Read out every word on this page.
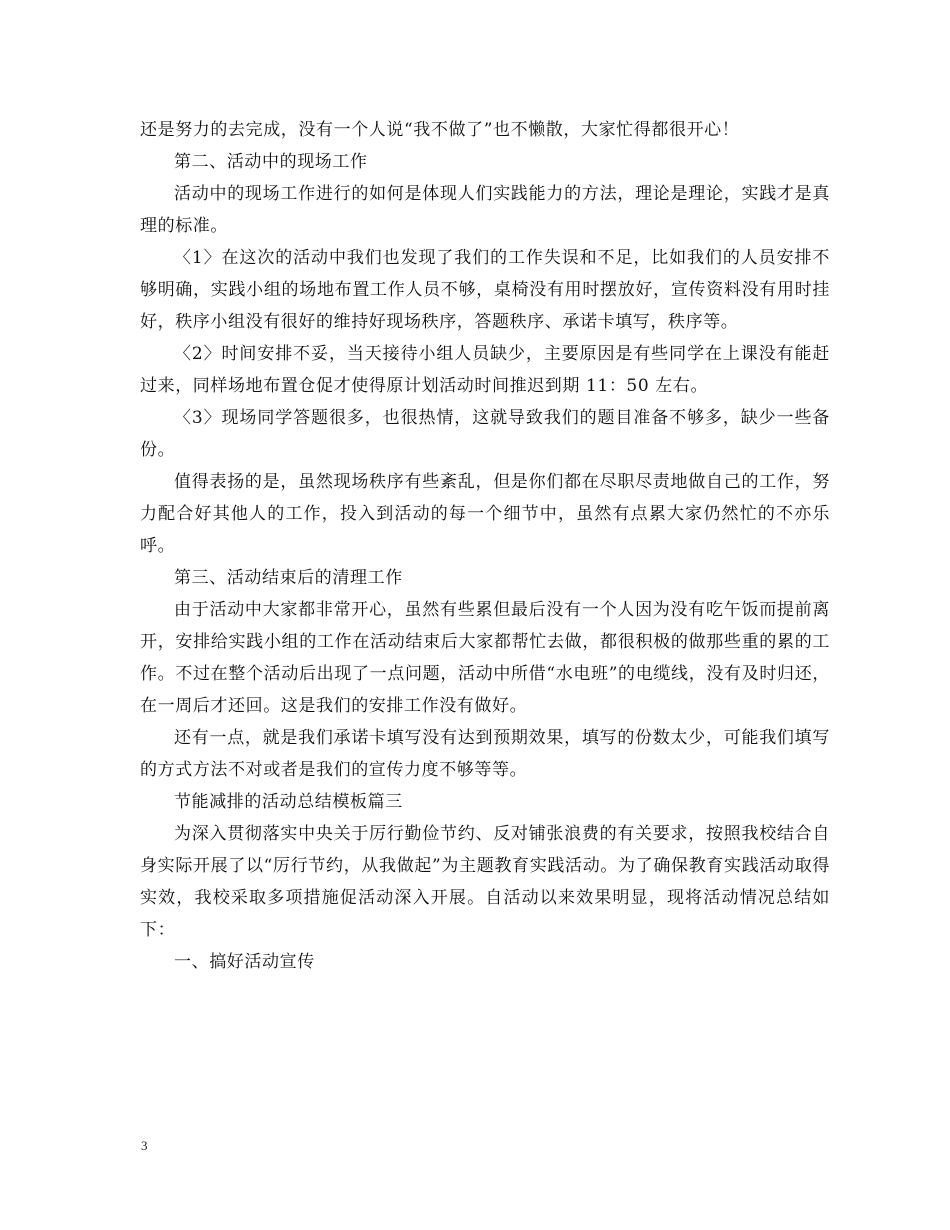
还是努力的去完成，没有一个人说“我不做了”也不懒散，大家忙得都很开心！

第二、活动中的现场工作

活动中的现场工作进行的如何是体现人们实践能力的方法，理论是理论，实践才是真理的标准。

〈1〉在这次的活动中我们也发现了我们的工作失误和不足，比如我们的人员安排不够明确，实践小组的场地布置工作人员不够，桌椅没有用时摆放好，宣传资料没有用时挂好，秩序小组没有很好的维持好现场秩序，答题秩序、承诺卡填写，秩序等。

〈2〉时间安排不妥，当天接待小组人员缺少，主要原因是有些同学在上课没有能赶过来，同样场地布置仓促才使得原计划活动时间推迟到期 11：50 左右。

〈3〉现场同学答题很多，也很热情，这就导致我们的题目准备不够多，缺少一些备份。

值得表扬的是，虽然现场秩序有些紊乱，但是你们都在尽职尽责地做自己的工作，努力配合好其他人的工作，投入到活动的每一个细节中，虽然有点累大家仍然忙的不亦乐呼。

第三、活动结束后的清理工作

由于活动中大家都非常开心，虽然有些累但最后没有一个人因为没有吃午饭而提前离开，安排给实践小组的工作在活动结束后大家都帮忙去做，都很积极的做那些重的累的工作。不过在整个活动后出现了一点问题，活动中所借“水电班”的电缆线，没有及时归还，在一周后才还回。这是我们的安排工作没有做好。

还有一点，就是我们承诺卡填写没有达到预期效果，填写的份数太少，可能我们填写的方式方法不对或者是我们的宣传力度不够等等。

节能减排的活动总结模板篇三

为深入贯彻落实中央关于厉行勤俭节约、反对铺张浪费的有关要求，按照我校结合自身实际开展了以“厉行节约，从我做起”为主题教育实践活动。为了确保教育实践活动取得实效，我校采取多项措施促活动深入开展。自活动以来效果明显，现将活动情况总结如下：

一、搞好活动宣传

3
